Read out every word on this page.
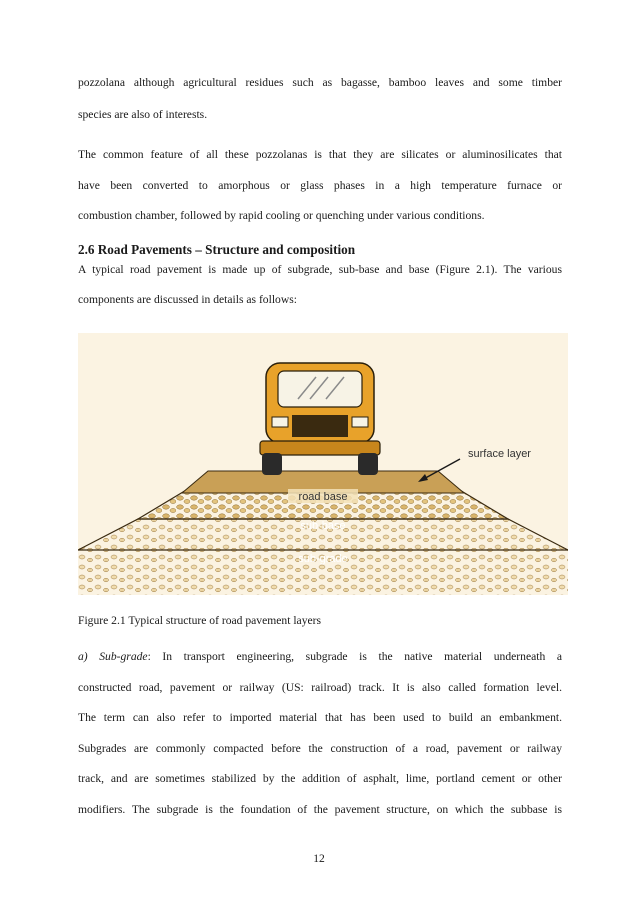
pozzolana although agricultural residues such as bagasse, bamboo leaves and some timber
species are also of interests.
The common feature of all these pozzolanas is that they are silicates or aluminosilicates that
have been converted to amorphous or glass phases in a high temperature furnace or
combustion chamber, followed by rapid cooling or quenching under various conditions.
2.6 Road Pavements – Structure and composition
A typical road pavement is made up of subgrade, sub-base and base (Figure 2.1). The various
components are discussed in details as follows:
surface layer
road base
sub-base
sub-grade
Figure 2.1 Typical structure of road pavement layers
a) Sub-grade: In transport engineering, subgrade is the native material underneath a
constructed road, pavement or railway (US: railroad) track. It is also called formation level.
The term can also refer to imported material that has been used to build an embankment.
Subgrades are commonly compacted before the construction of a road, pavement or railway
track, and are sometimes stabilized by the addition of asphalt, lime, portland cement or other
modifiers. The subgrade is the foundation of the pavement structure, on which the subbase is
12
